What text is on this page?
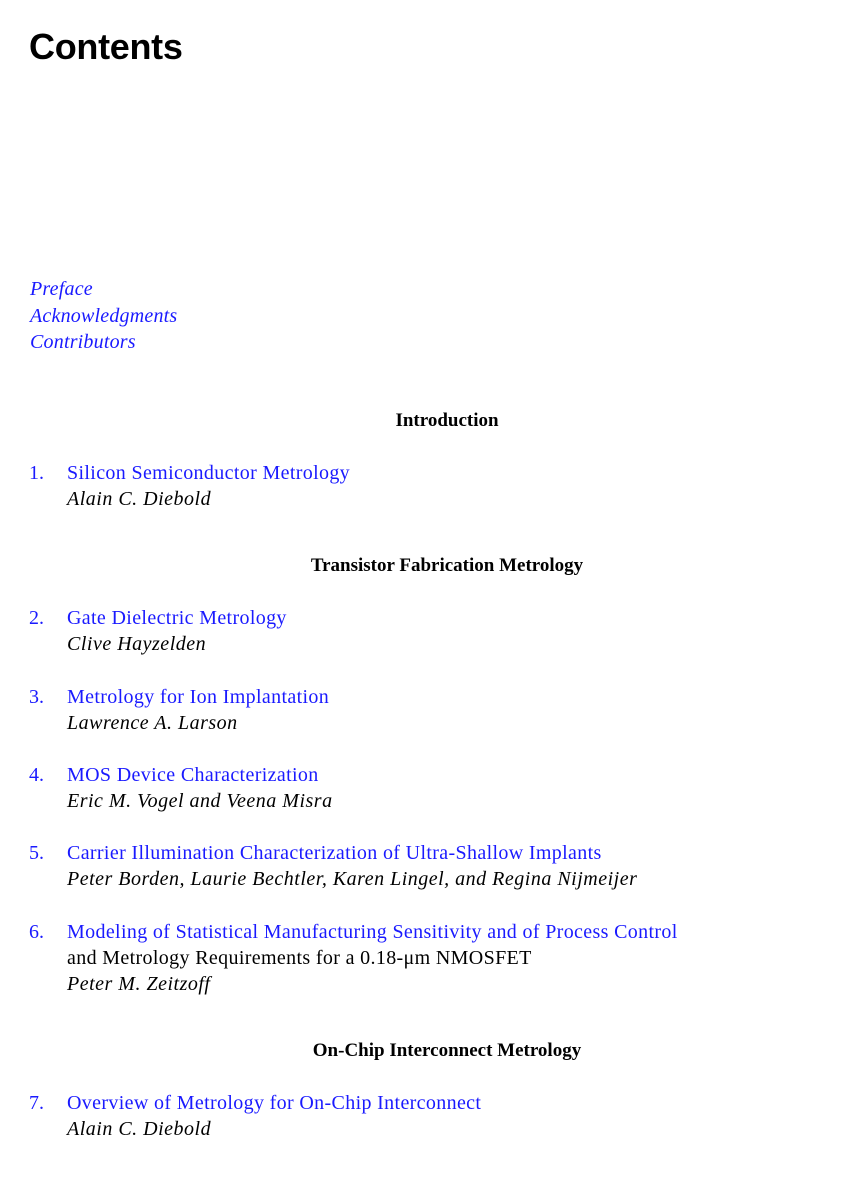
Contents
Preface
Acknowledgments
Contributors
Introduction
1. Silicon Semiconductor Metrology
Alain C. Diebold
Transistor Fabrication Metrology
2. Gate Dielectric Metrology
Clive Hayzelden
3. Metrology for Ion Implantation
Lawrence A. Larson
4. MOS Device Characterization
Eric M. Vogel and Veena Misra
5. Carrier Illumination Characterization of Ultra-Shallow Implants
Peter Borden, Laurie Bechtler, Karen Lingel, and Regina Nijmeijer
6. Modeling of Statistical Manufacturing Sensitivity and of Process Control
and Metrology Requirements for a 0.18-μm NMOSFET
Peter M. Zeitzoff
On-Chip Interconnect Metrology
7. Overview of Metrology for On-Chip Interconnect
Alain C. Diebold
